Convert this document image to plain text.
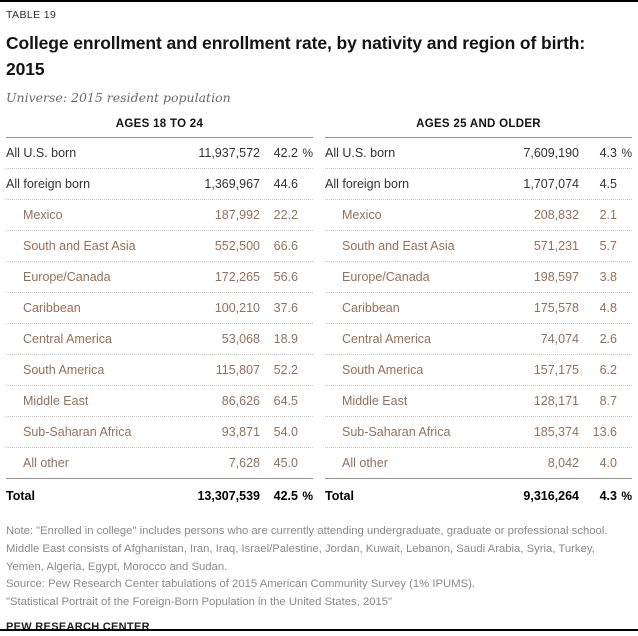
TABLE 19
College enrollment and enrollment rate, by nativity and region of birth:
2015
Universe: 2015 resident population
AGES 18 TO 24
All U.S. born	11,937,572	42.2 %
All foreign born	1,369,967	44.6
Mexico	187,992	22.2
South and East Asia	552,500	66.6
Europe/Canada	172,265	56.6
Caribbean	100,210	37.6
Central America	53,068	18.9
South America	115,807	52.2
Middle East	86,626	64.5
Sub-Saharan Africa	93,871	54.0
All other	7,628	45.0
Total	13,307,539	42.5 %
AGES 25 AND OLDER
All U.S. born	7,609,190	4.3 %
All foreign born	1,707,074	4.5
Mexico	208,832	2.1
South and East Asia	571,231	5.7
Europe/Canada	198,597	3.8
Caribbean	175,578	4.8
Central America	74,074	2.6
South America	157,175	6.2
Middle East	128,171	8.7
Sub-Saharan Africa	185,374	13.6
All other	8,042	4.0
Total	9,316,264	4.3 %
Note: "Enrolled in college" includes persons who are currently attending undergraduate, graduate or professional school. Middle East consists of Afghanistan, Iran, Iraq, Israel/Palestine, Jordan, Kuwait, Lebanon, Saudi Arabia, Syria, Turkey, Yemen, Algeria, Egypt, Morocco and Sudan.
Source: Pew Research Center tabulations of 2015 American Community Survey (1% IPUMS).
"Statistical Portrait of the Foreign-Born Population in the United States, 2015"
PEW RESEARCH CENTER
